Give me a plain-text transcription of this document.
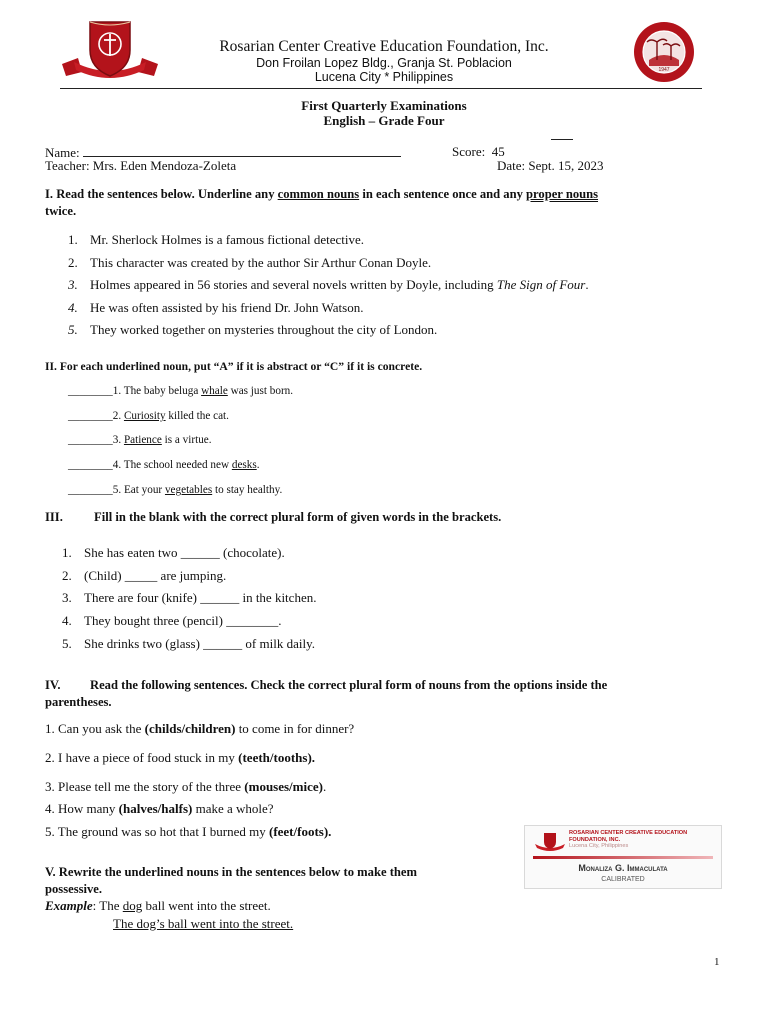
1947
Rosarian Center Creative Education Foundation, Inc.
Don Froilan Lopez Bldg., Granja St. Poblacion
Lucena City * Philippines
First Quarterly Examinations
English – Grade Four
Name:	Score: 45
Teacher: Mrs. Eden Mendoza-Zoleta	Date: Sept. 15, 2023
I. Read the sentences below. Underline any common nouns in each sentence once and any proper nouns
twice.
1. Mr. Sherlock Holmes is a famous fictional detective.
2. This character was created by the author Sir Arthur Conan Doyle.
3. Holmes appeared in 56 stories and several novels written by Doyle, including The Sign of Four.
4. He was often assisted by his friend Dr. John Watson.
5. They worked together on mysteries throughout the city of London.
II. For each underlined noun, put “A” if it is abstract or “C” if it is concrete.
________1. The baby beluga whale was just born.
________2. Curiosity killed the cat.
________3. Patience is a virtue.
________4. The school needed new desks.
________5. Eat your vegetables to stay healthy.
III. Fill in the blank with the correct plural form of given words in the brackets.
1. She has eaten two ______ (chocolate).
2. (Child) _____ are jumping.
3. There are four (knife) ______ in the kitchen.
4. They bought three (pencil) ________.
5. She drinks two (glass) ______ of milk daily.
IV. Read the following sentences. Check the correct plural form of nouns from the options inside the
parentheses.
1. Can you ask the (childs/children) to come in for dinner?
2. I have a piece of food stuck in my (teeth/tooths).
3. Please tell me the story of the three (mouses/mice).
4. How many (halves/halfs) make a whole?
5. The ground was so hot that I burned my (feet/foots).
V. Rewrite the underlined nouns in the sentences below to make them
possessive.
Example: The dog ball went into the street.
The dog’s ball went into the street.
ROSARIAN CENTER CREATIVE EDUCATION
FOUNDATION, INC.
Lucena City, Philippines
Monaliza G. Immaculata
CALIBRATED
1
